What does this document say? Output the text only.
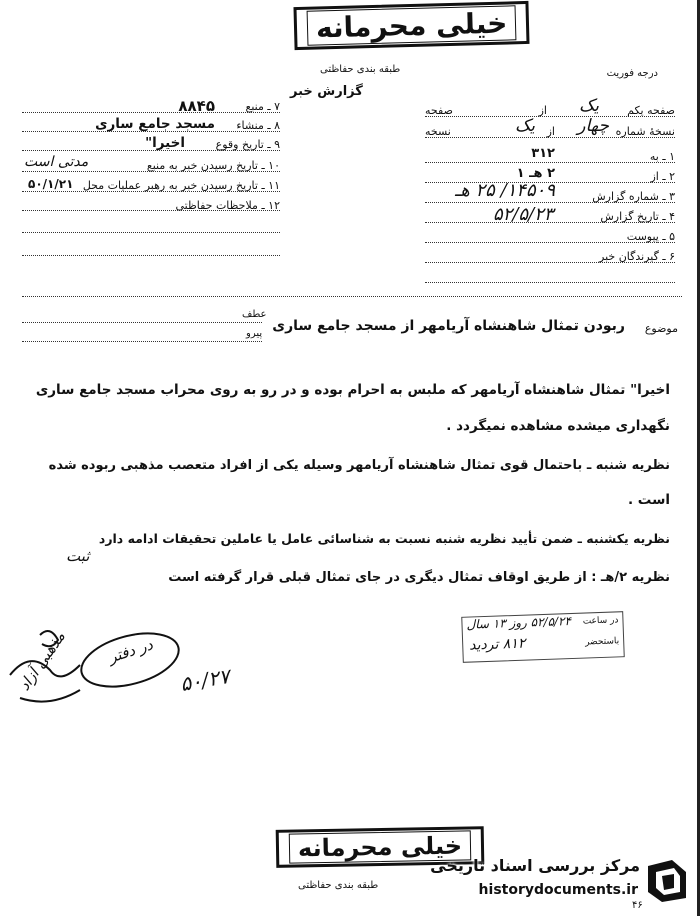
خیلی محرمانه
طبقه بندی حفاظتی	درجه فوریت
گزارش خبر
۷ ـ منبع
۸۸۴۵
۸ ـ منشاء
مسجد جامع ساری
۹ ـ تاریخ وقوع
اخیرا"
۱۰ ـ تاریخ رسیدن خبر به منبع
مدتی است
۱۱ ـ تاریخ رسیدن خبر به رهبر عملیات محل
۵۰/۱/۲۱
۱۲ ـ ملاحظات حفاظتی
صفحه یکم
از یک
صفحه
نسخهٔ شماره
یک از چهار
نسخه
۱ ـ به
۳۱۲
۲ ـ از
۲ هـ ۱
۳ ـ شماره گزارش
۱۴۵۰۹/ ۲۵ هـ
۴ ـ تاریخ گزارش
۵۲/۵/۲۳
۵ ـ پیوست
۶ ـ گیرندگان خبر
عطف
پیرو	موضوع
ربودن تمثال شاهنشاه آریامهر از مسجد جامع ساری
اخیرا" تمثال شاهنشاه آریامهر که ملبس به احرام بوده و در رو به روی محراب مسجد جامع ساری
نگهداری میشده مشاهده نمیگردد .
نظریه شنبه ـ باحتمال قوی تمثال شاهنشاه آریامهر وسیله یکی از افراد متعصب مذهبی ربوده شده
است .
نظریه یکشنبه ـ ضمن تأیید نظریه شنبه نسبت به شناسائی عامل یا عاملین تحقیقات ادامه دارد
ثبت
نظریه ۲/هـ : از طریق اوقاف تمثال دیگری در جای تمثال قبلی قرار گرفته است
در ساعت
۵۲/۵/۲۴ روز ۱۳ سال
باستحضر
۸۱۲ تردید
در دفتر
۵۰/۲۷
مذهبی آزاد
خیلی محرمانه
طبقه بندی حفاظتی
مرکز بررسی اسناد تاریخی
historydocuments.ir
۴۶
